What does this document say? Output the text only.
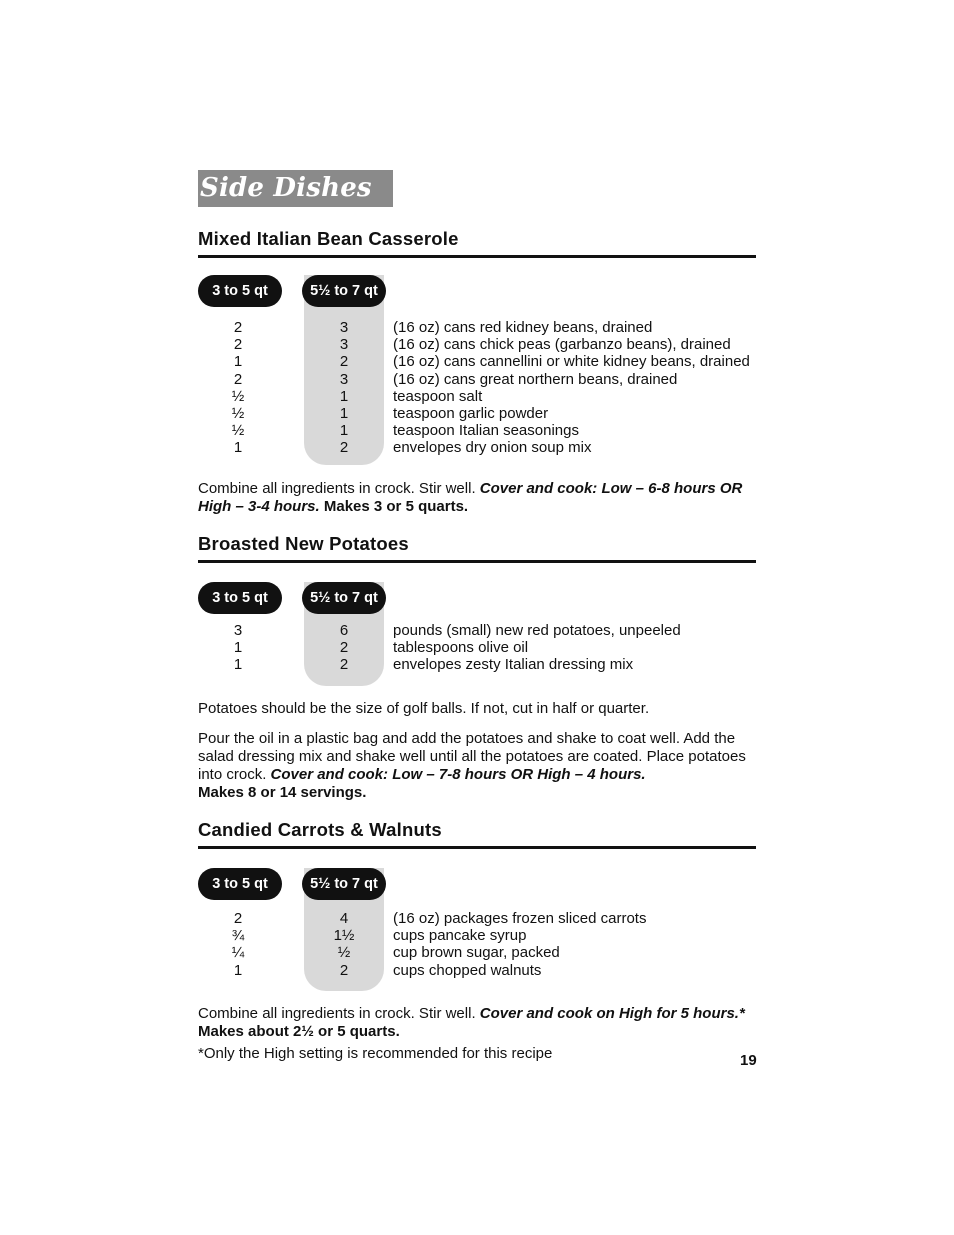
Side Dishes
Mixed Italian Bean Casserole
3 to 5 qt	5½ to 7 qt
2	3	(16 oz) cans red kidney beans, drained
2	3	(16 oz) cans chick peas (garbanzo beans), drained
1	2	(16 oz) cans cannellini or white kidney beans, drained
2	3	(16 oz) cans great northern beans, drained
½	1	teaspoon salt
½	1	teaspoon garlic powder
½	1	teaspoon Italian seasonings
1	2	envelopes dry onion soup mix

Combine all ingredients in crock. Stir well. Cover and cook: Low – 6-8 hours OR High – 3-4 hours. Makes 3 or 5 quarts.

Broasted New Potatoes
3 to 5 qt	5½ to 7 qt
3	6	pounds (small) new red potatoes, unpeeled
1	2	tablespoons olive oil
1	2	envelopes zesty Italian dressing mix

Potatoes should be the size of golf balls. If not, cut in half or quarter.

Pour the oil in a plastic bag and add the potatoes and shake to coat well. Add the salad dressing mix and shake well until all the potatoes are coated. Place potatoes into crock. Cover and cook: Low – 7-8 hours OR High – 4 hours.
Makes 8 or 14 servings.

Candied Carrots & Walnuts
3 to 5 qt	5½ to 7 qt
2	4	(16 oz) packages frozen sliced carrots
¾	1½	cups pancake syrup
¼	½	cup brown sugar, packed
1	2	cups chopped walnuts

Combine all ingredients in crock. Stir well. Cover and cook on High for 5 hours.*
Makes about 2½ or 5 quarts.

*Only the High setting is recommended for this recipe	19
